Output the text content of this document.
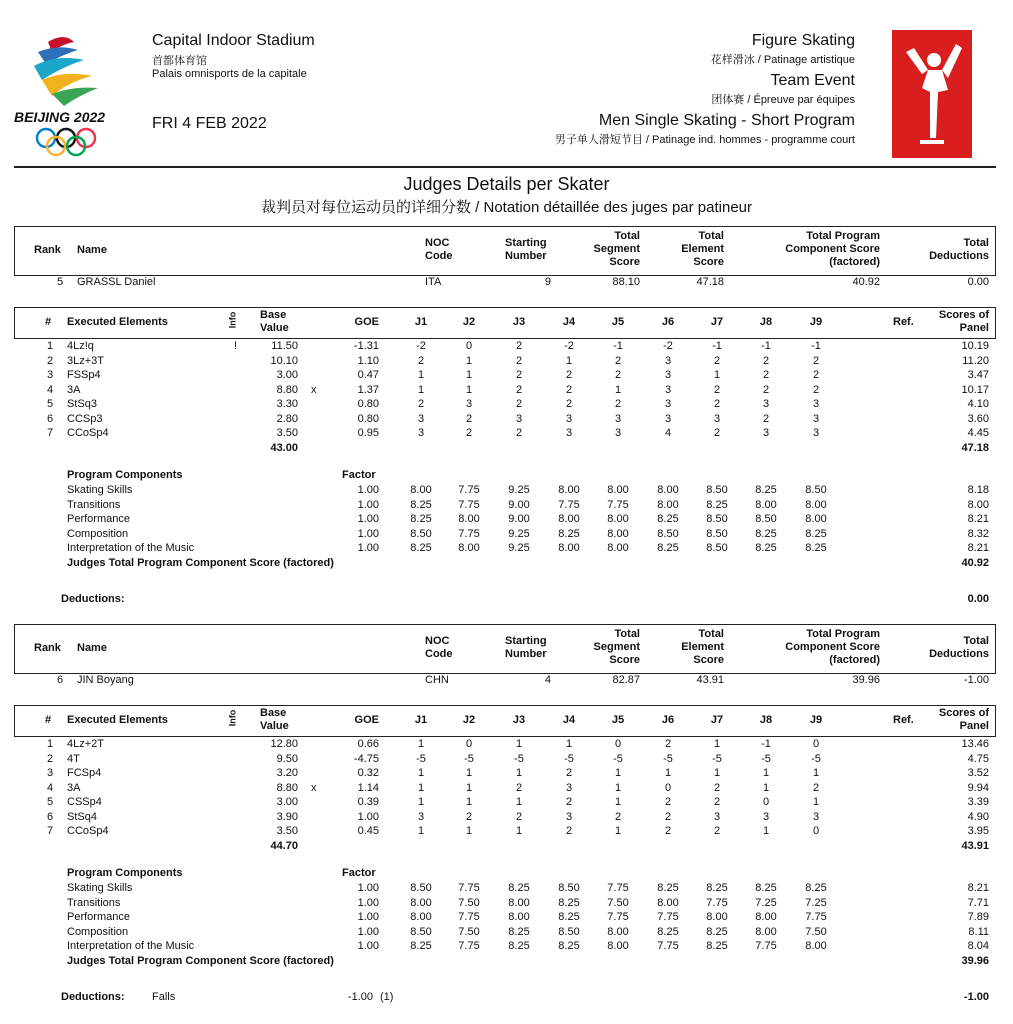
BEIJING 2022
Capital Indoor Stadium
首都体育馆
Palais omnisports de la capitale
FRI 4 FEB 2022
Figure Skating
花样滑冰 / Patinage artistique
Team Event
团体赛 / Épreuve par équipes
Men Single Skating - Short Program
男子单人滑短节目 / Patinage ind. hommes - programme court
Judges Details per Skater
裁判员对每位运动员的详细分数 / Notation détaillée des juges par patineur
Rank Name
NOC
Code
Starting
Number
Total
Segment
Score
Total
Element
Score
Total Program
Component Score
(factored)
Total
Deductions
5 GRASSL Daniel	ITA	9	88.10	47.18	40.92	0.00
# Executed Elements	Info Base
Value	GOE	J1	J2	J3	J4	J5	J6	J7	J8	J9	Ref.
Scores of
Panel
1 4Lz!q	!	11.50	-1.31	-2	0	2	-2	-1	-2	-1	-1	-1	10.19
2 3Lz+3T	10.10	1.10	2	1	2	1	2	3	2	2	2	11.20
3 FSSp4	3.00	0.47	1	1	2	2	2	3	1	2	2	3.47
4 3A	8.80 x	1.37	1	1	2	2	1	3	2	2	2	10.17
5 StSq3	3.30	0.80	2	3	2	2	2	3	2	3	3	4.10
6 CCSp3	2.80	0.80	3	2	3	3	3	3	3	2	3	3.60
7 CCoSp4	3.50	0.95	3	2	2	3	3	4	2	3	3	4.45
43.00	47.18
Program Components	Factor
Skating Skills	1.00	8.00	7.75	9.25	8.00	8.00	8.00	8.50	8.25	8.50	8.18
Transitions	1.00	8.25	7.75	9.00	7.75	7.75	8.00	8.25	8.00	8.00	8.00
Performance	1.00	8.25	8.00	9.00	8.00	8.00	8.25	8.50	8.50	8.00	8.21
Composition	1.00	8.50	7.75	9.25	8.25	8.00	8.50	8.50	8.25	8.25	8.32
Interpretation of the Music	1.00	8.25	8.00	9.25	8.00	8.00	8.25	8.50	8.25	8.25	8.21
Judges Total Program Component Score (factored)	40.92
Deductions:	0.00
Rank Name
NOC
Code
Starting
Number
Total
Segment
Score
Total
Element
Score
Total Program
Component Score
(factored)
Total
Deductions
6 JIN Boyang	CHN	4	82.87	43.91	39.96	-1.00
# Executed Elements	Info Base
Value	GOE	J1	J2	J3	J4	J5	J6	J7	J8	J9	Ref.
Scores of
Panel
1 4Lz+2T	12.80	0.66	1	0	1	1	0	2	1	-1	0	13.46
2 4T	9.50	-4.75	-5	-5	-5	-5	-5	-5	-5	-5	-5	4.75
3 FCSp4	3.20	0.32	1	1	1	2	1	1	1	1	1	3.52
4 3A	8.80 x	1.14	1	1	2	3	1	0	2	1	2	9.94
5 CSSp4	3.00	0.39	1	1	1	2	1	2	2	0	1	3.39
6 StSq4	3.90	1.00	3	2	2	3	2	2	3	3	3	4.90
7 CCoSp4	3.50	0.45	1	1	1	2	1	2	2	1	0	3.95
44.70	43.91
Program Components	Factor
Skating Skills	1.00	8.50	7.75	8.25	8.50	7.75	8.25	8.25	8.25	8.25	8.21
Transitions	1.00	8.00	7.50	8.00	8.25	7.50	8.00	7.75	7.25	7.25	7.71
Performance	1.00	8.00	7.75	8.00	8.25	7.75	7.75	8.00	8.00	7.75	7.89
Composition	1.00	8.50	7.50	8.25	8.50	8.00	8.25	8.25	8.00	7.50	8.11
Interpretation of the Music	1.00	8.25	7.75	8.25	8.25	8.00	7.75	8.25	7.75	8.00	8.04
Judges Total Program Component Score (factored)	39.96
Deductions: Falls	-1.00 (1)	-1.00
